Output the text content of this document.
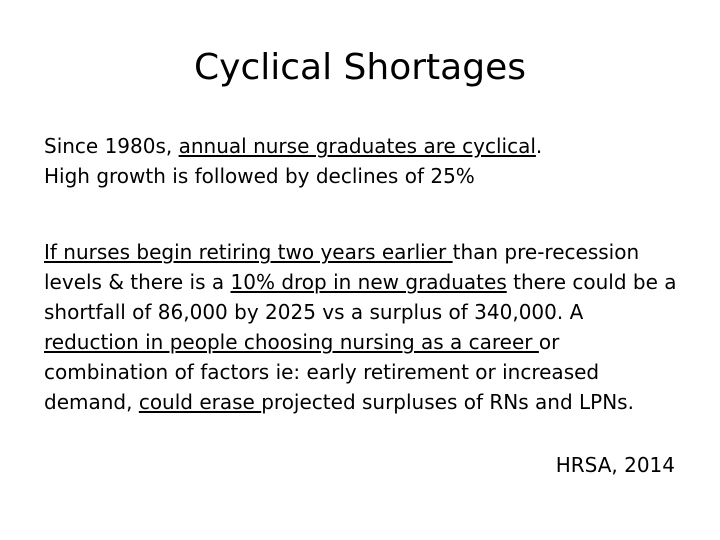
Cyclical Shortages
Since 1980s, annual nurse graduates are cyclical.
High growth is followed by declines of 25%
If nurses begin retiring two years earlier than pre-recession levels & there is a 10% drop in new graduates there could be a shortfall of 86,000 by 2025 vs a surplus of 340,000. A reduction in people choosing nursing as a career or combination of factors ie: early retirement or increased demand, could erase projected surpluses of RNs and LPNs.
HRSA, 2014
